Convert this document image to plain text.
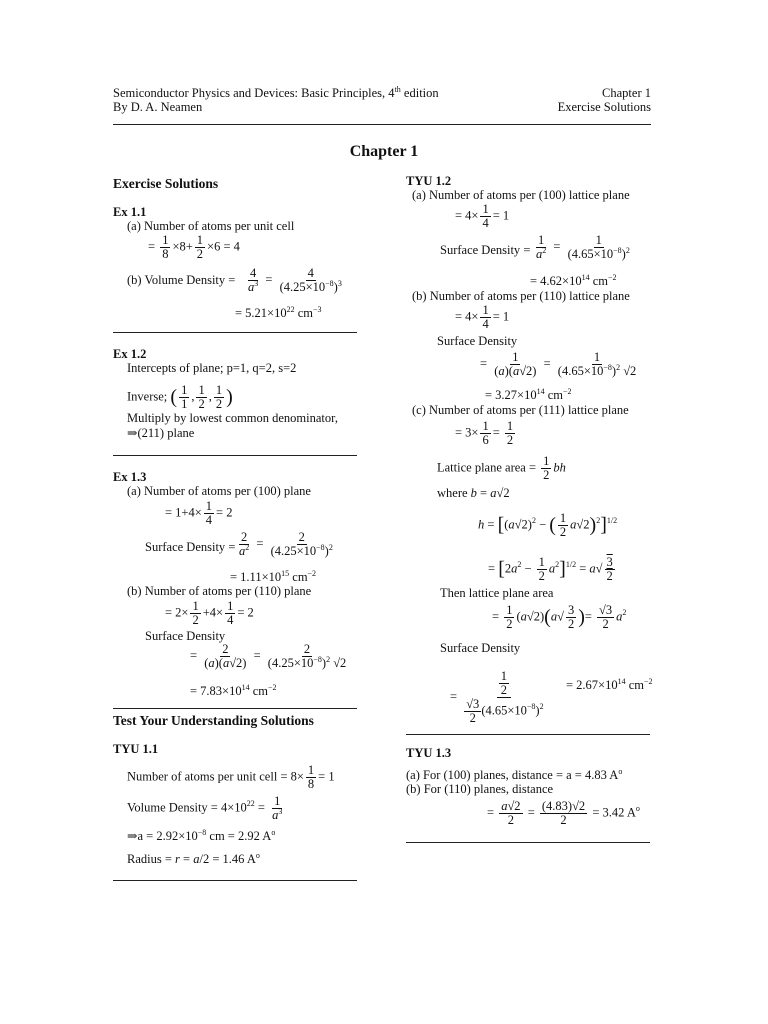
Semiconductor Physics and Devices: Basic Principles, 4th edition
By D. A. Neamen
Chapter 1
Exercise Solutions
Chapter 1
Exercise Solutions
Ex 1.1
(a) Number of atoms per unit cell
= $\frac{1}{8} \times 8+ \frac{1}{2} \times 6 = 4$
(b) Volume Density = $\frac{4}{a^3} = \frac{4}{(4.25\times 10^{-8})^3}$
= $5.21\times 10^{22}$ $cm^{-3}$
Ex 1.2
Intercepts of plane; p=1, q=2, s=2
Inverse; ( $\frac{1}{1}$ , $\frac{1}{2}$ , $\frac{1}{2}$ )
Multiply by lowest common denominator,
⇒(211) plane
Ex 1.3
(a) Number of atoms per (100) plane
= $1+4\times \frac{1}{4} = 2$
Surface Density = $\frac{2}{a^2} = \frac{2}{(4.25\times 10^{-8})^2}$
= $1.11\times 10^{15}$ $cm^{-2}$
(b) Number of atoms per (110) plane
= $2\times \frac{1}{2} +4\times \frac{1}{4} = 2$
Surface Density
= $\frac{2}{(a)(a√2)} = \frac{2}{(4.25\times 10^{-8})^2 √2}$
= $7.83\times 10^{14}$ $cm^{-2}$
Test Your Understanding Solutions
TYU 1.1
Number of atoms per unit cell = $8\times \frac{1}{8} = 1$
Volume Density = $4\times 10^{22} = \frac{1}{a^3}$
⇒a = $2.92\times 10^{-8}$ cm = 2.92 $A^o$
Radius = r = a/2 = 1.46 $A^o$
TYU 1.2
(a) Number of atoms per (100) lattice plane
= $4\times \frac{1}{4} = 1$
Surface Density = $\frac{1}{a^2} = \frac{1}{(4.65\times 10^{-8})^2}$
= $4.62\times 10^{14}$ $cm^{-2}$
(b) Number of atoms per (110) lattice plane
= $4\times \frac{1}{4} = 1$
Surface Density
= $\frac{1}{(a)(a√2)} = \frac{1}{(4.65\times 10^{-8})^2 √2}$
= $3.27\times 10^{14}$ $cm^{-2}$
(c) Number of atoms per (111) lattice plane
= $3\times \frac{1}{6} = \frac{1}{2}$
Lattice plane area = $\frac{1}{2}$ bh
where b = a√2
$h = [(a√2)^2$ − ( $\frac{1}{2} a√2)^2]^{1/2}$
= $[2a^2 - \frac{1}{2} a^2]^{1/2} = a√ \frac{3}{2}$
Then lattice plane area
= $\frac{1}{2} (a√2)(a√ \frac{3}{2}$ )= $\frac{√3}{2} a^2$
Surface Density
= $\frac{\frac{1}{2}}{\frac{√3}{2} (4.65\times 10^{-8})^2} = 2.67\times 10^{14}$ $cm^{-2}$
TYU 1.3
(a) For (100) planes, distance = a = 4.83 $A^o$
(b) For (110) planes, distance
= $\frac{a√2}{2} = \frac{(4.83)√2}{2} = 3.42$ $A^o$
